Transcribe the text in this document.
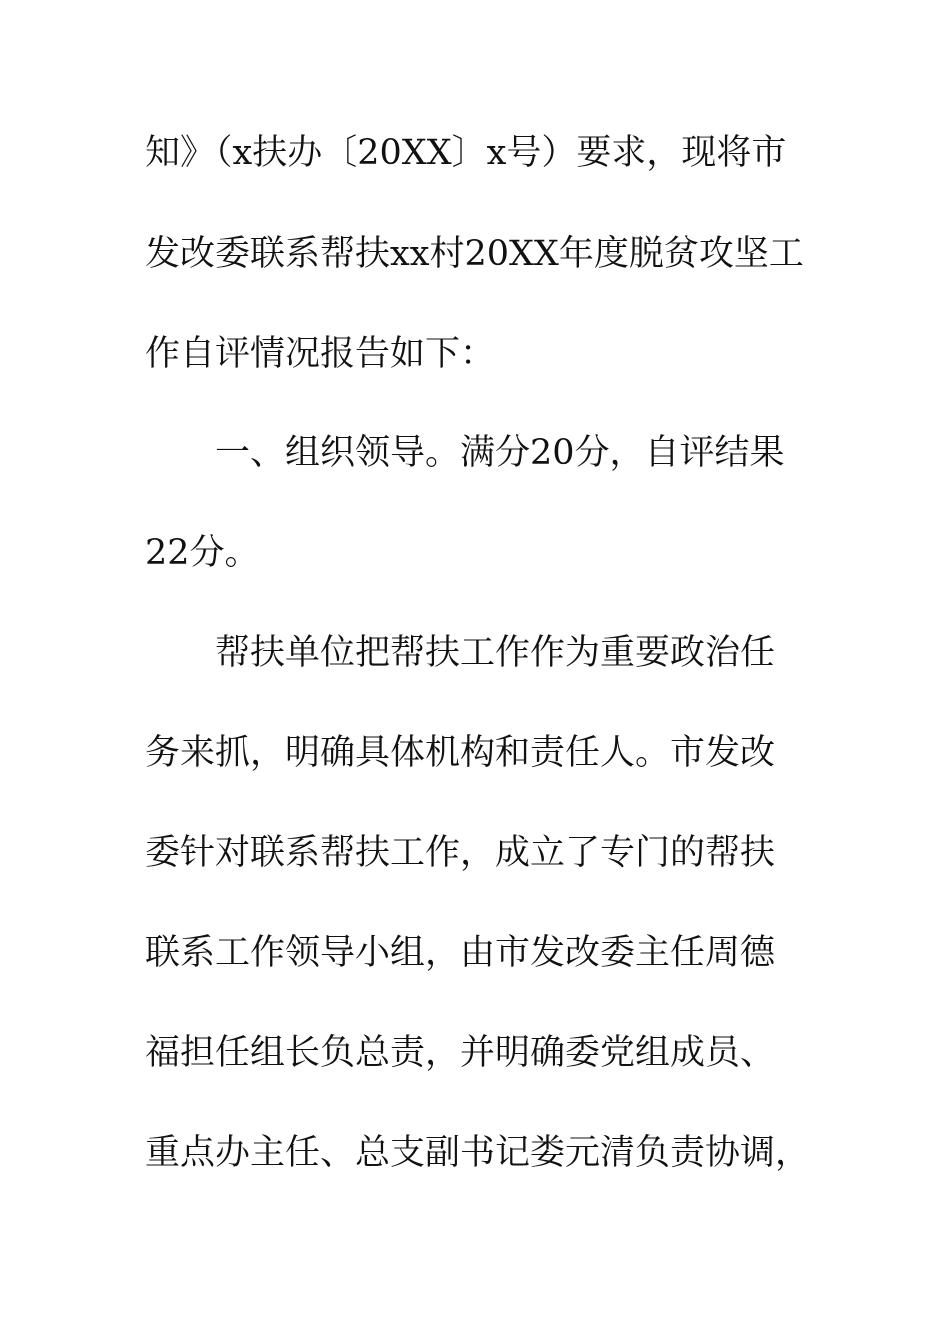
知》（x扶办〔20XX〕x号）要求，现将市
发改委联系帮扶xx村20XX年度脱贫攻坚工
作自评情况报告如下：
一、组织领导。满分20分，自评结果
22分。
帮扶单位把帮扶工作作为重要政治任
务来抓，明确具体机构和责任人。市发改
委针对联系帮扶工作，成立了专门的帮扶
联系工作领导小组，由市发改委主任周德
福担任组长负总责，并明确委党组成员、
重点办主任、总支副书记娄元清负责协调，
